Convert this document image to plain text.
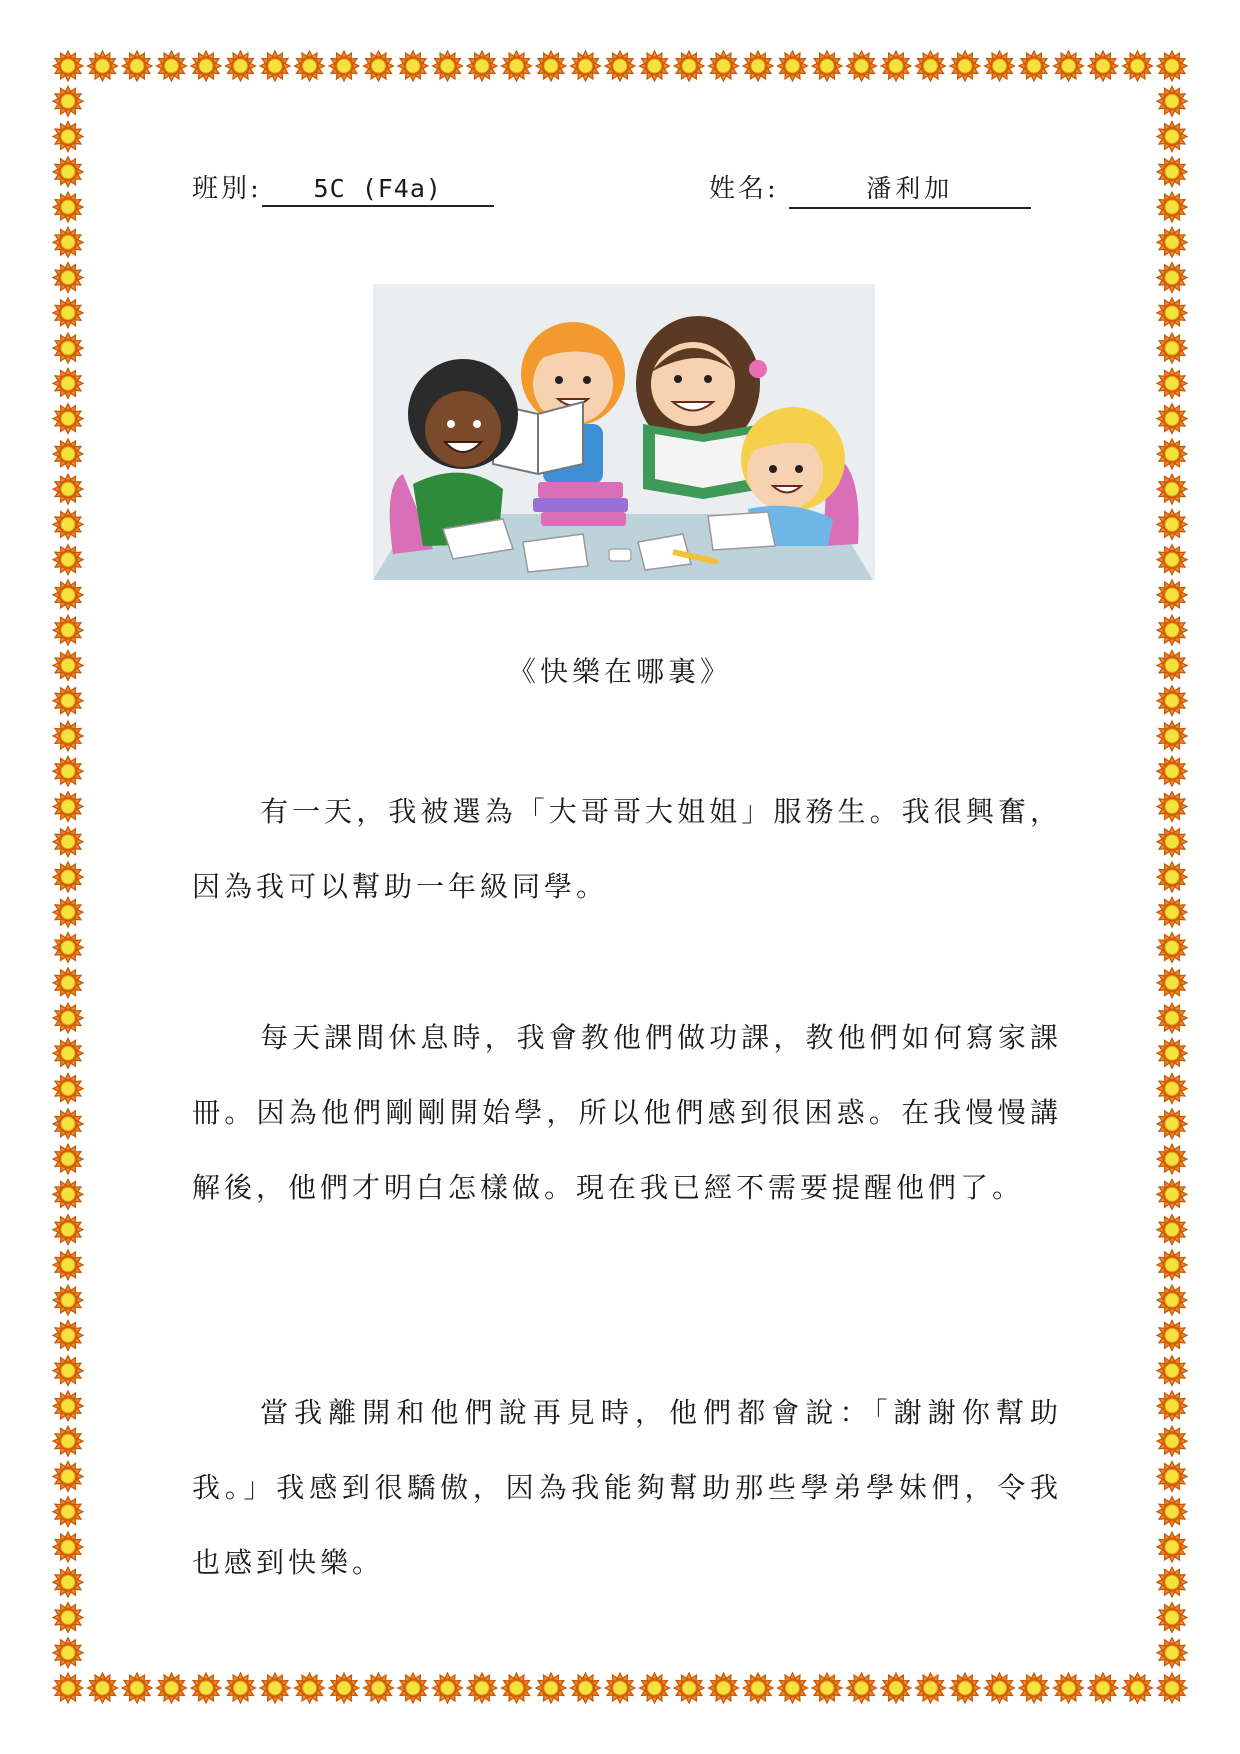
班別: 5C (F4a)	姓名:	潘利加
《快樂在哪裏》

有一天，我被選為「大哥哥大姐姐」服務生。我很興奮，因為我可以幫助一年級同學。

每天課間休息時，我會教他們做功課，教他們如何寫家課冊。因為他們剛剛開始學，所以他們感到很困惑。在我慢慢講解後，他們才明白怎樣做。現在我已經不需要提醒他們了。

當我離開和他們說再見時，他們都會說：「謝謝你幫助我。」我感到很驕傲，因為我能夠幫助那些學弟學妹們，令我也感到快樂。
